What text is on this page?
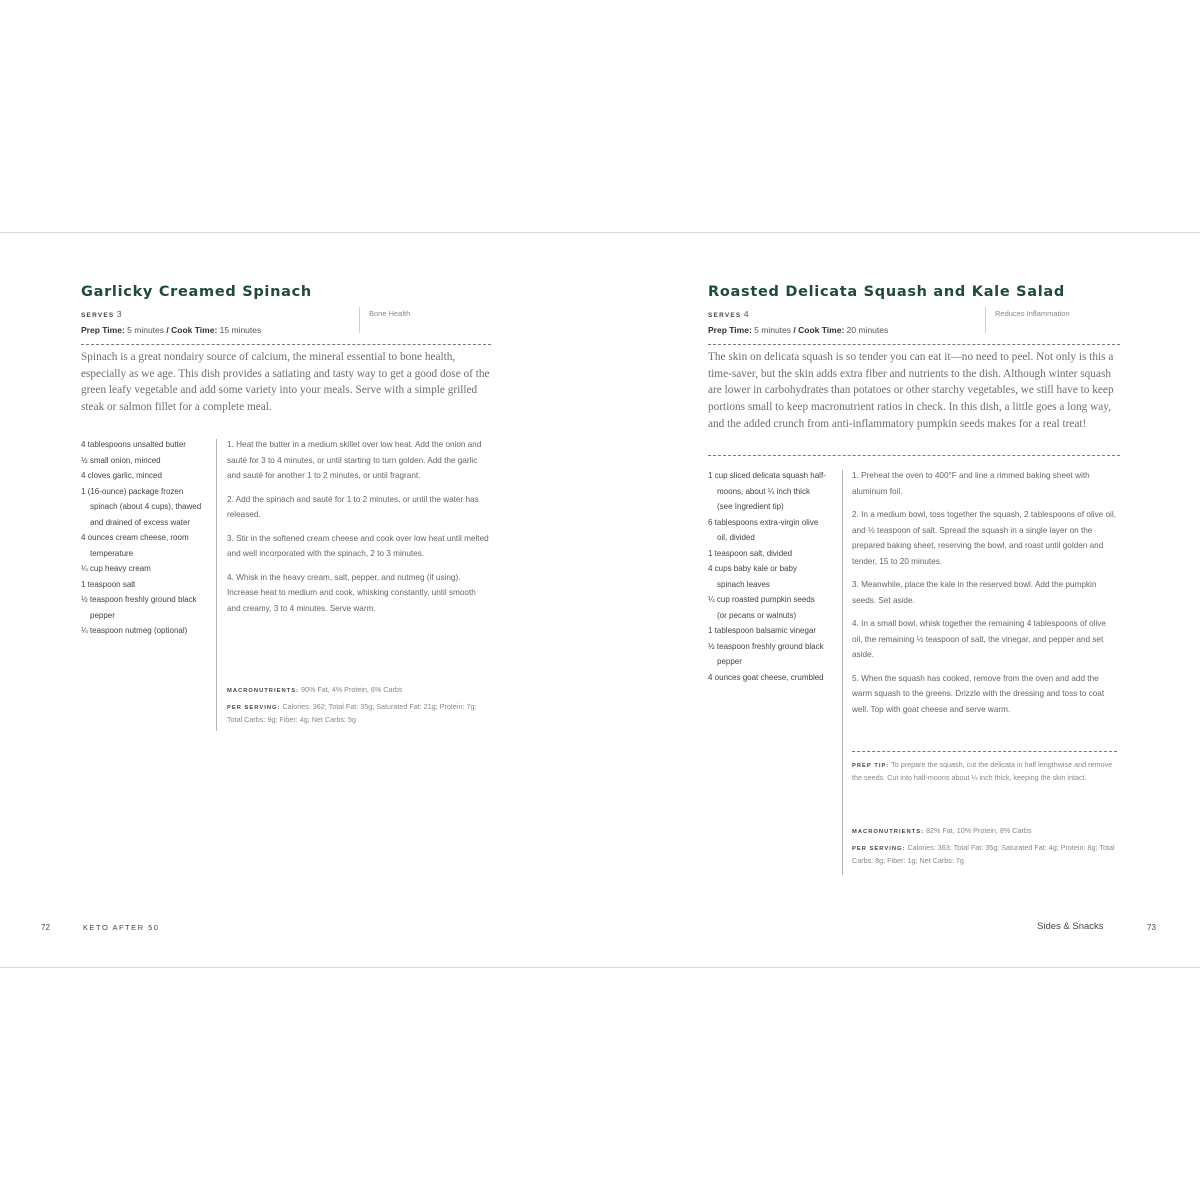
Garlicky Creamed Spinach
SERVES 3
Prep Time: 5 minutes / Cook Time: 15 minutes
Bone Health
Spinach is a great nondairy source of calcium, the mineral essential to bone health, especially as we age. This dish provides a satiating and tasty way to get a good dose of the green leafy vegetable and add some variety into your meals. Serve with a simple grilled steak or salmon fillet for a complete meal.
4 tablespoons unsalted butter
½ small onion, minced
4 cloves garlic, minced
1 (16-ounce) package frozen spinach (about 4 cups), thawed and drained of excess water
4 ounces cream cheese, room temperature
¼ cup heavy cream
1 teaspoon salt
½ teaspoon freshly ground black pepper
¼ teaspoon nutmeg (optional)
1. Heat the butter in a medium skillet over low heat. Add the onion and sauté for 3 to 4 minutes, or until starting to turn golden. Add the garlic and sauté for another 1 to 2 minutes, or until fragrant.
2. Add the spinach and sauté for 1 to 2 minutes, or until the water has released.
3. Stir in the softened cream cheese and cook over low heat until melted and well incorporated with the spinach, 2 to 3 minutes.
4. Whisk in the heavy cream, salt, pepper, and nutmeg (if using). Increase heat to medium and cook, whisking constantly, until smooth and creamy, 3 to 4 minutes. Serve warm.
MACRONUTRIENTS: 90% Fat, 4% Protein, 6% Carbs
PER SERVING: Calories: 362; Total Fat: 35g; Saturated Fat: 21g; Protein: 7g; Total Carbs: 9g; Fiber: 4g; Net Carbs: 5g
72	KETO AFTER 50
Roasted Delicata Squash and Kale Salad
SERVES 4
Prep Time: 5 minutes / Cook Time: 20 minutes
Reduces Inflammation
The skin on delicata squash is so tender you can eat it—no need to peel. Not only is this a time-saver, but the skin adds extra fiber and nutrients to the dish. Although winter squash are lower in carbohydrates than potatoes or other starchy vegetables, we still have to keep portions small to keep macronutrient ratios in check. In this dish, a little goes a long way, and the added crunch from anti-inflammatory pumpkin seeds makes for a real treat!
1 cup sliced delicata squash half-moons, about ¼ inch thick (see Ingredient tip)
6 tablespoons extra-virgin olive oil, divided
1 teaspoon salt, divided
4 cups baby kale or baby spinach leaves
¼ cup roasted pumpkin seeds (or pecans or walnuts)
1 tablespoon balsamic vinegar
½ teaspoon freshly ground black pepper
4 ounces goat cheese, crumbled
1. Preheat the oven to 400°F and line a rimmed baking sheet with aluminum foil.
2. In a medium bowl, toss together the squash, 2 tablespoons of olive oil, and ½ teaspoon of salt. Spread the squash in a single layer on the prepared baking sheet, reserving the bowl, and roast until golden and tender, 15 to 20 minutes.
3. Meanwhile, place the kale in the reserved bowl. Add the pumpkin seeds. Set aside.
4. In a small bowl, whisk together the remaining 4 tablespoons of olive oil, the remaining ½ teaspoon of salt, the vinegar, and pepper and set aside.
5. When the squash has cooked, remove from the oven and add the warm squash to the greens. Drizzle with the dressing and toss to coat well. Top with goat cheese and serve warm.
PREP TIP: To prepare the squash, cut the delicata in half lengthwise and remove the seeds. Cut into half-moons about ¼ inch thick, keeping the skin intact.
MACRONUTRIENTS: 82% Fat, 10% Protein, 8% Carbs
PER SERVING: Calories: 363; Total Fat: 35g; Saturated Fat: 4g; Protein: 8g; Total Carbs: 8g; Fiber: 1g; Net Carbs: 7g
Sides & Snacks	73
